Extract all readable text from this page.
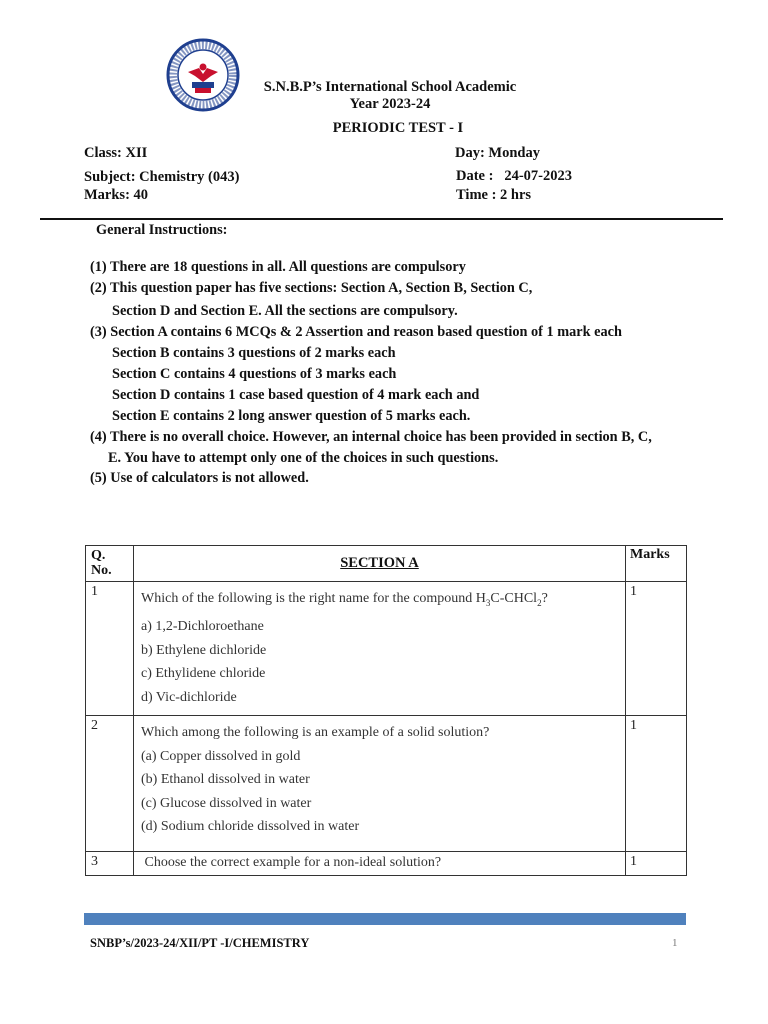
S.N.B.P’s International School Academic
Year 2023-24
PERIODIC TEST - I
Class: XII	Day: Monday
Subject: Chemistry (043)	Date :   24-07-2023
Marks: 40	Time : 2 hrs
General Instructions:
(1) There are 18 questions in all. All questions are compulsory
(2) This question paper has five sections: Section A, Section B, Section C,
Section D and Section E. All the sections are compulsory.
(3) Section A contains 6 MCQs & 2 Assertion and reason based question of 1 mark each
Section B contains 3 questions of 2 marks each
Section C contains 4 questions of 3 marks each
Section D contains 1 case based question of 4 mark each and
Section E contains 2 long answer question of 5 marks each.
(4) There is no overall choice. However, an internal choice has been provided in section B, C,
E. You have to attempt only one of the choices in such questions.
(5) Use of calculators is not allowed.
Q.
No.	SECTION A	Marks
1	Which of the following is the right name for the compound $H_3C-CHCl_2$?
a) 1,2-Dichloroethane
b) Ethylene dichloride
c) Ethylidene chloride
d) Vic-dichloride	1
2	Which among the following is an example of a solid solution?
(a) Copper dissolved in gold
(b) Ethanol dissolved in water
(c) Glucose dissolved in water
(d) Sodium chloride dissolved in water	1
3	Choose the correct example for a non-ideal solution?	1
SNBP’s/2023-24/XII/PT -I/CHEMISTRY	1
